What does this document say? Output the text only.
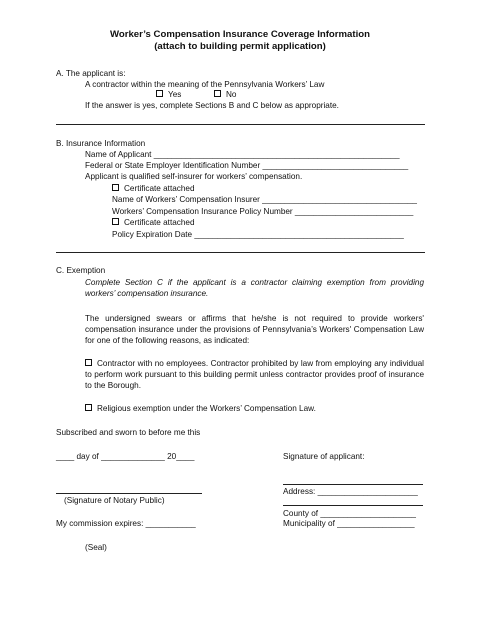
Worker’s Compensation Insurance Coverage Information
(attach to building permit application)
A. The applicant is:
A contractor within the meaning of the Pennsylvania Workers’ Law
Yes	No
If the answer is yes, complete Sections B and C below as appropriate.
B. Insurance Information
Name of Applicant ______________________________________________________
Federal or State Employer Identification Number ________________________________
Applicant is qualified self-insurer for workers’ compensation.
Certificate attached
Name of Workers’ Compensation Insurer __________________________________
Workers’ Compensation Insurance Policy Number __________________________
Certificate attached
Policy Expiration Date ______________________________________________
C. Exemption
Complete Section C if the applicant is a contractor claiming exemption from providing workers’ compensation insurance.
The undersigned swears or affirms that he/she is not required to provide workers' compensation insurance under the provisions of Pennsylvania’s Workers' Compensation Law for one of the following reasons, as indicated:
Contractor with no employees. Contractor prohibited by law from employing any individual to perform work pursuant to this building permit unless contractor provides proof of insurance to the Borough.
Religious exemption under the Workers’ Compensation Law.
Subscribed and sworn to before me this
____ day of ______________ 20____	Signature of applicant:
Address: ______________________
(Signature of Notary Public)
County of _____________________
My commission expires: ___________	Municipality of _________________
(Seal)
